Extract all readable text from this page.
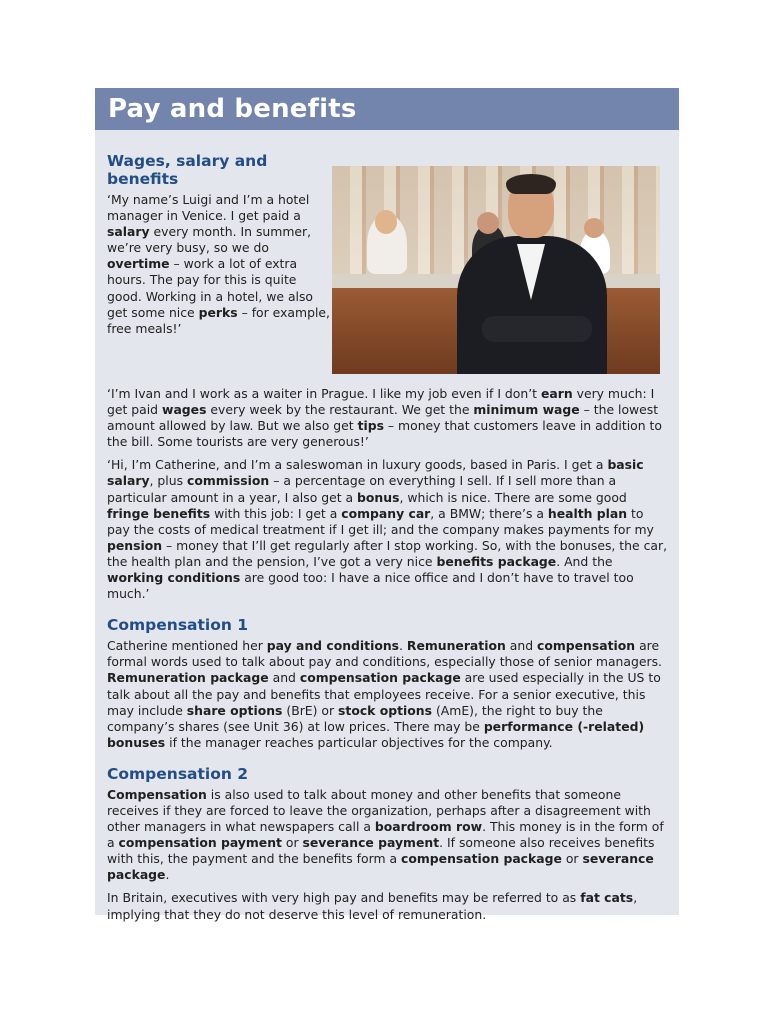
Pay and benefits
Wages, salary and benefits

‘My name’s Luigi and I’m a hotel manager in Venice. I get paid a salary every month. In summer, we’re very busy, so we do overtime – work a lot of extra hours. The pay for this is quite good. Working in a hotel, we also get some nice perks – for example, free meals!’

‘I’m Ivan and I work as a waiter in Prague. I like my job even if I don’t earn very much: I get paid wages every week by the restaurant. We get the minimum wage – the lowest amount allowed by law. But we also get tips – money that customers leave in addition to the bill. Some tourists are very generous!’

‘Hi, I’m Catherine, and I’m a saleswoman in luxury goods, based in Paris. I get a basic salary, plus commission – a percentage on everything I sell. If I sell more than a particular amount in a year, I also get a bonus, which is nice. There are some good fringe benefits with this job: I get a company car, a BMW; there’s a health plan to pay the costs of medical treatment if I get ill; and the company makes payments for my pension – money that I’ll get regularly after I stop working. So, with the bonuses, the car, the health plan and the pension, I’ve got a very nice benefits package. And the working conditions are good too: I have a nice office and I don’t have to travel too much.’

Compensation 1

Catherine mentioned her pay and conditions. Remuneration and compensation are formal words used to talk about pay and conditions, especially those of senior managers. Remuneration package and compensation package are used especially in the US to talk about all the pay and benefits that employees receive. For a senior executive, this may include share options (BrE) or stock options (AmE), the right to buy the company’s shares (see Unit 36) at low prices. There may be performance (-related) bonuses if the manager reaches particular objectives for the company.

Compensation 2

Compensation is also used to talk about money and other benefits that someone receives if they are forced to leave the organization, perhaps after a disagreement with other managers in what newspapers call a boardroom row. This money is in the form of a compensation payment or severance payment. If someone also receives benefits with this, the payment and the benefits form a compensation package or severance package.

In Britain, executives with very high pay and benefits may be referred to as fat cats, implying that they do not deserve this level of remuneration.
